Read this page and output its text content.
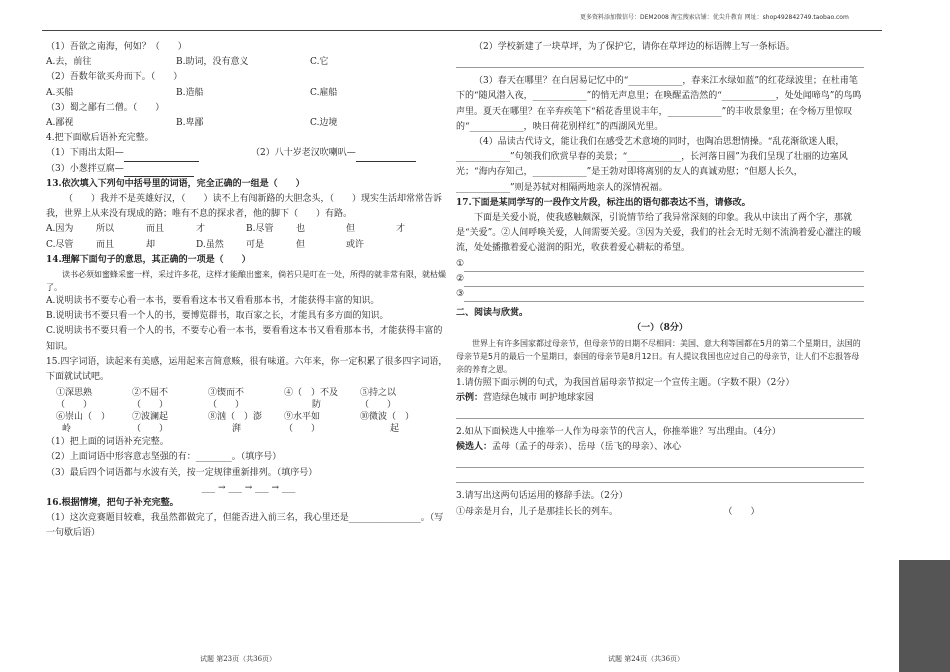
更多资料添加微信号：DEM2008 淘宝搜索店铺：优尖升教育 网址：shop492842749.taobao.com

（1）吾欲之南海，何如？（　　）

A.去，前往	B.助词，没有意义	C.它

（2）吾数年欲买舟而下。（　　）

A.买船	B.造船	C.雇船

（3）蜀之鄙有二僧。（　　）

A.鄙视	B.卑鄙	C.边境

4.把下面歇后语补充完整。

（1）下雨出太阳—	（2）八十岁老汉吹喇叭—

（3）小葱拌豆腐—

13.依次填入下列句中括号里的词语，完全正确的一组是（　　）

（　　）我并不是英雄好汉，（　　）读不上有闯新路的大胆念头，（　　）现实生活却常常告诉我，世界上从来没有现成的路；唯有不息的探求者，他的脚下（　　）有路。

A.因为	所以	而且	才	B.尽管	也	但	才
C.尽管	而且	却	D.虽然	可是	但	或许

14.理解下面句子的意思，其正确的一项是（　　）

读书必须如蜜蜂采蜜一样，采过许多花，这样才能酿出蜜来，倘若只是叮在一处，所得的就非常有限，就枯燥了。

A.说明读书不要专心看一本书，要看看这本书又看看那本书，才能获得丰富的知识。

B.说明读书不要只看一个人的书，要博览群书，取百家之长，才能具有多方面的知识。

C.说明读书不要只看一个人的书，不要专心看一本书，要看看这本书又看看那本书，才能获得丰富的知识。

15.四字词语，读起来有美感，运用起来言简意赅，很有味道。六年来，你一定积累了很多四字词语，下面就试试吧。

①深思熟	②不屈不	③锲而不	④（　）不及	⑤持之以
（　　）	（　　）	（　　）	防	（　　）
⑥崇山（　）	⑦波澜起	⑧汹（　）澎	⑨水平如	⑩微波（　）
岭	（　　）	湃	（　　）	起

（1）把上面的词语补充完整。

（2）上面词语中形容意志坚强的有：________。（填序号）

（3）最后四个词语都与水波有关，按一定规律重新排列。（填序号）

___ → ___ → ___ → ___

16.根据情境，把句子补充完整。

（1）这次竞赛题目较难，我虽然都做完了，但能否进入前三名，我心里还是________________。（写一句歇后语）

（2）学校新建了一块草坪，为了保护它，请你在草坪边的标语牌上写一条标语。

（3）春天在哪里？在白居易记忆中的“____________，春来江水绿如蓝”的红花绿波里；在杜甫笔下的“随风潜入夜，____________”的悄无声息里；在唤醒孟浩然的“____________，处处闻啼鸟”的鸟鸣声里。夏天在哪里？在辛弃疾笔下“稻花香里说丰年，____________”的丰收景象里；在令杨万里惊叹的“____________，映日荷花别样红”的西湖风光里。

（4）品读古代诗文，能让我们在感受艺术意境的同时，也陶冶思想情操。“乱花渐欲迷人眼，____________”句领我们欣赏早春的美景；“____________，长河落日圆”为我们呈现了壮丽的边塞风光；“海内存知己，____________”是王勃对即将离别的友人的真诚劝慰；“但愿人长久，____________”则是苏轼对相隔两地亲人的深情祝福。

17.下面是某同学写的一段作文片段，标注出的语句都表达不当，请修改。

下面是关爱小说，使我感触颇深，引说情节给了我异常深刻的印象。我从中读出了两个字，那就是“关爱”。②人间呼唤关爱，人间需要关爱。③因为关爱，我们的社会无时无刻不流淌着爱心灌注的暖流，处处播撒着爱心滋润的阳光，收获着爱心耕耘的希望。

①
②
③

二、阅读与欣赏。

（一）（8分）

世界上有许多国家都过母亲节，但母亲节的日期不尽相同：美国、意大利等国都在5月的第二个星期日，法国的母亲节是5月的最后一个星期日，泰国的母亲节是8月12日。有人提议我国也应过自己的母亲节，让人们不忘报答母亲的养育之恩。

1.请仿照下面示例的句式，为我国首届母亲节拟定一个宣传主题。（字数不限）（2分）

示例：营造绿色城市 呵护地球家园

2.如从下面候选人中推举一人作为母亲节的代言人，你推举谁？写出理由。（4分）

候选人：孟母（孟子的母亲）、岳母（岳飞的母亲）、冰心

3.请写出这两句话运用的修辞手法。（2分）

①母亲是月台，儿子是那挂长长的列车。	（　　）

试题 第23页（共36页）	试题 第24页（共36页）
